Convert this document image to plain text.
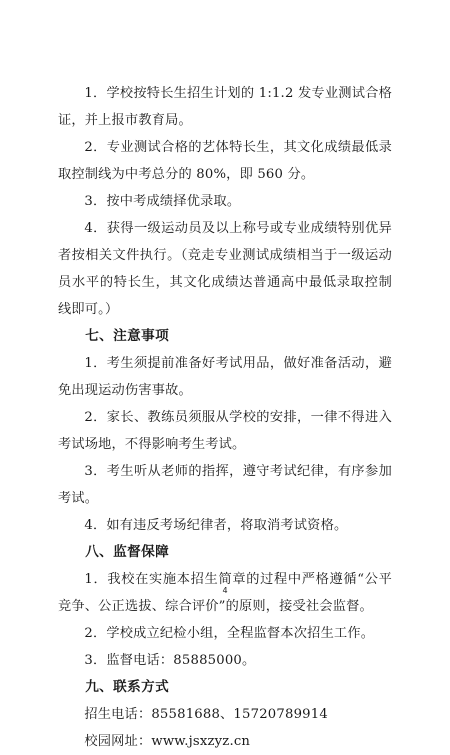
1．学校按特长生招生计划的 1:1.2 发专业测试合格证，并上报市教育局。

2．专业测试合格的艺体特长生，其文化成绩最低录取控制线为中考总分的 80%，即 560 分。

3．按中考成绩择优录取。

4．获得一级运动员及以上称号或专业成绩特别优异者按相关文件执行。（竞走专业测试成绩相当于一级运动员水平的特长生，其文化成绩达普通高中最低录取控制线即可。）

七、注意事项

1．考生须提前准备好考试用品，做好准备活动，避免出现运动伤害事故。

2．家长、教练员须服从学校的安排，一律不得进入考试场地，不得影响考生考试。

3．考生听从老师的指挥，遵守考试纪律，有序参加考试。

4．如有违反考场纪律者，将取消考试资格。

八、监督保障

1．我校在实施本招生简章的过程中严格遵循“公平竞争、公正选拔、综合评价”的原则，接受社会监督。

2．学校成立纪检小组，全程监督本次招生工作。

3．监督电话：85885000。

九、联系方式

招生电话：85581688、15720789914

校园网址：www.jsxzyz.cn

4
